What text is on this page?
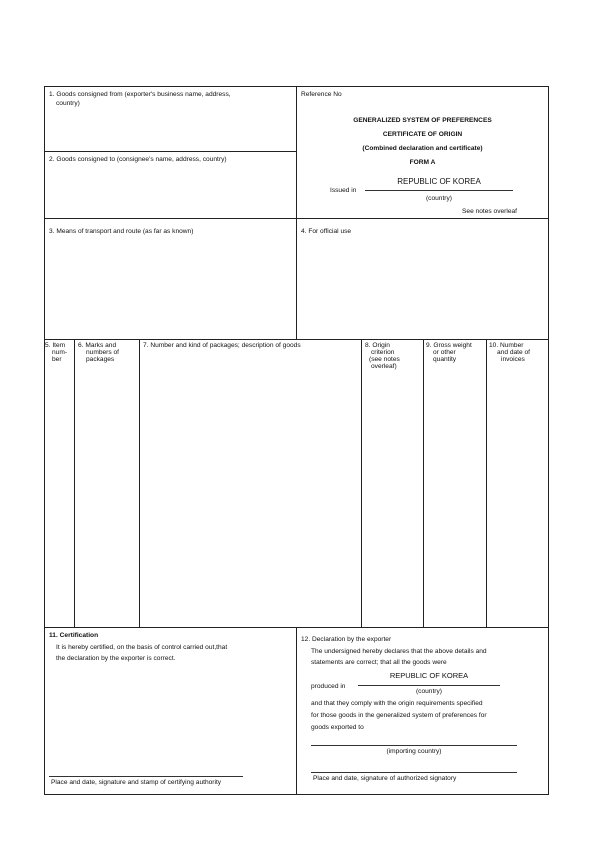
1. Goods consigned from (exporter's business name, address,
country)
Reference No
GENERALIZED SYSTEM OF PREFERENCES
CERTIFICATE OF ORIGIN
(Combined declaration and certificate)
FORM A
Issued in
REPUBLIC OF KOREA
(country)
See notes overleaf
2. Goods consigned to (consignee's name, address, country)
3. Means of transport and route (as far as known)	4. For official use
5. Item
num-
ber
6. Marks and
numbers of
packages
7. Number and kind of packages; description of goods	8. Origin
criterion
(see notes
overleaf)
9. Gross weight
or other
quantity
10. Number
and date of
invoices
11. Certification
It is hereby certified, on the basis of control carried out,that
the declaration by the exporter is correct.
Place and date, signature and stamp of certifying authority
12. Declaration by the exporter
The undersigned hereby declares that the above details and
statements are correct; that all the goods were
produced in
REPUBLIC OF KOREA
(country)
and that they comply with the origin requirements specified
for those goods in the generalized system of preferences for
goods exported to
(importing country)
Place and date, signature of authorized signatory
